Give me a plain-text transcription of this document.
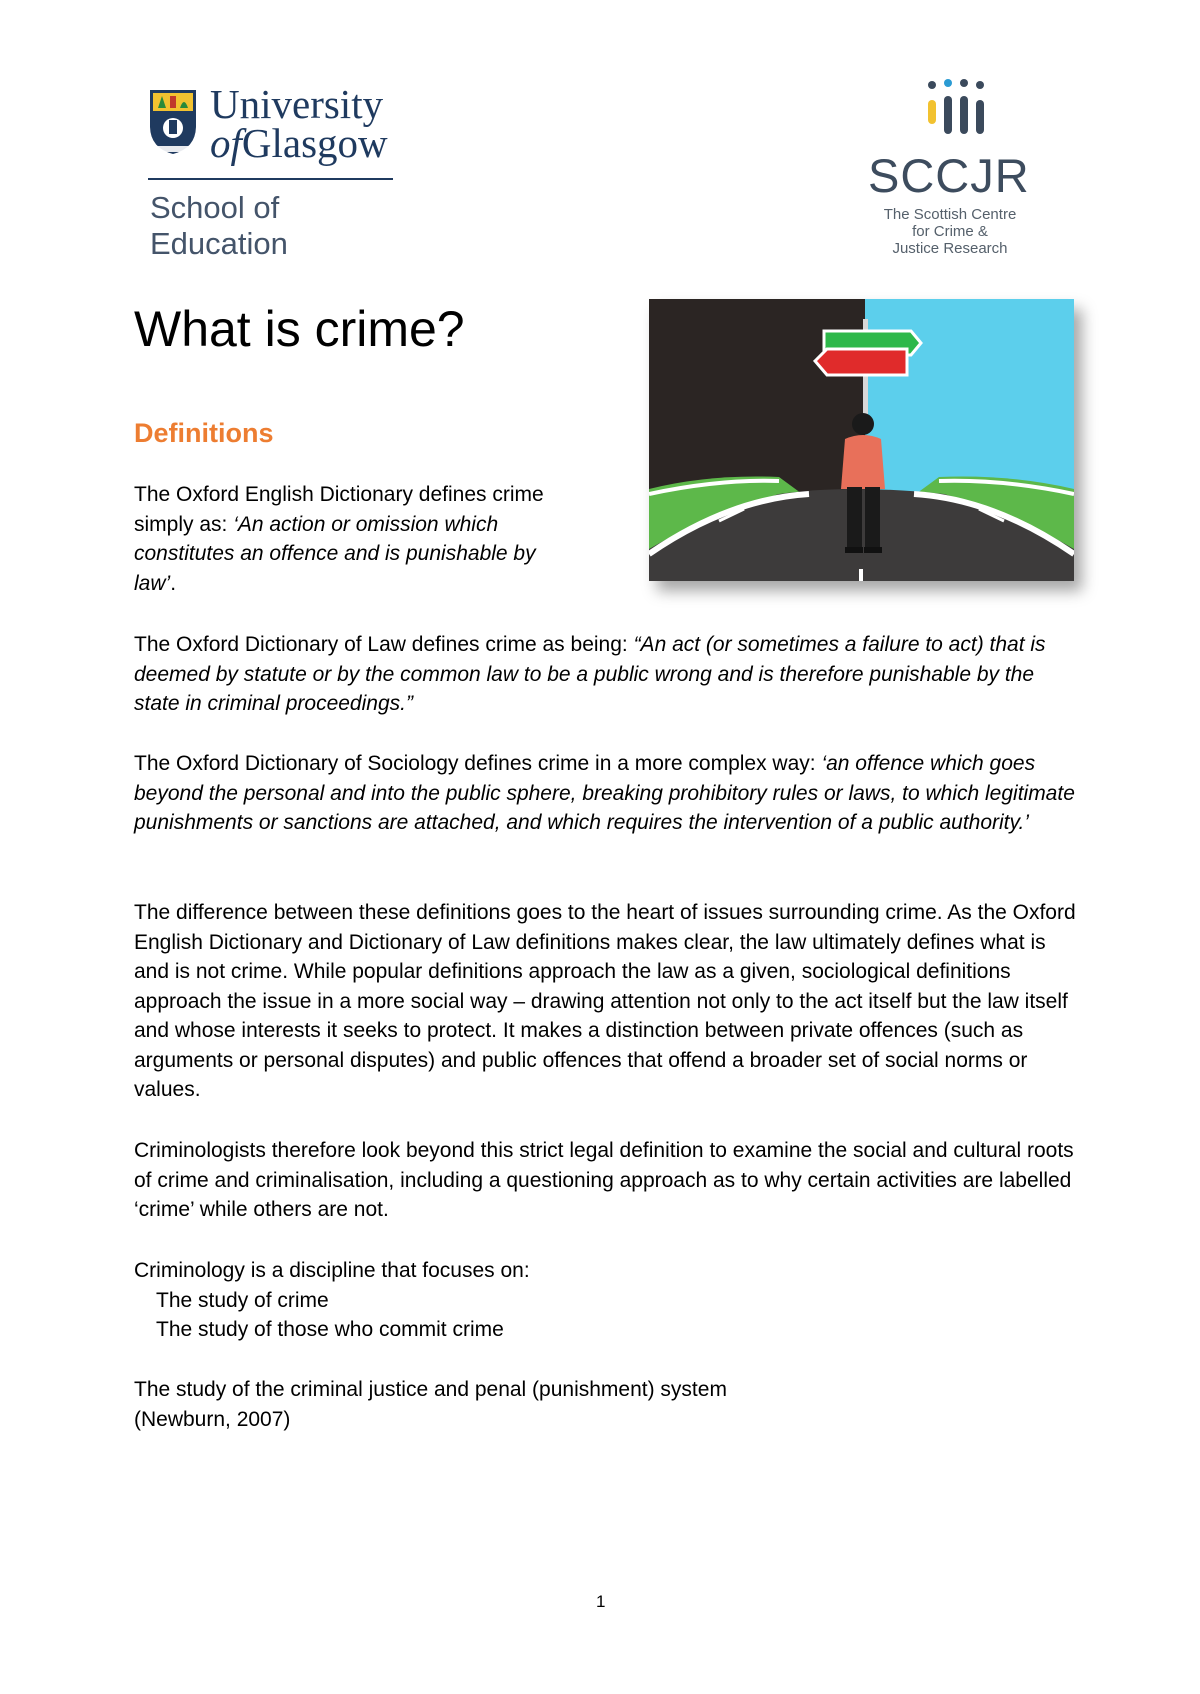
University
ofGlasgow
School of
Education
SCCJR
The Scottish Centre
for Crime &
Justice Research
What is crime?
Definitions
The Oxford English Dictionary defines crime simply as: ‘An action or omission which constitutes an offence and is punishable by law’.
The Oxford Dictionary of Law defines crime as being: “An act (or sometimes a failure to act) that is deemed by statute or by the common law to be a public wrong and is therefore punishable by the state in criminal proceedings.”
The Oxford Dictionary of Sociology defines crime in a more complex way: ‘an offence which goes beyond the personal and into the public sphere, breaking prohibitory rules or laws, to which legitimate punishments or sanctions are attached, and which requires the intervention of a public authority.’
The difference between these definitions goes to the heart of issues surrounding crime. As the Oxford English Dictionary and Dictionary of Law definitions makes clear, the law ultimately defines what is and is not crime. While popular definitions approach the law as a given, sociological definitions approach the issue in a more social way – drawing attention not only to the act itself but the law itself and whose interests it seeks to protect. It makes a distinction between private offences (such as arguments or personal disputes) and public offences that offend a broader set of social norms or values.
Criminologists therefore look beyond this strict legal definition to examine the social and cultural roots of crime and criminalisation, including a questioning approach as to why certain activities are labelled ‘crime’ while others are not.
Criminology is a discipline that focuses on:
The study of crime
The study of those who commit crime
The study of the criminal justice and penal (punishment) system
(Newburn, 2007)
1
